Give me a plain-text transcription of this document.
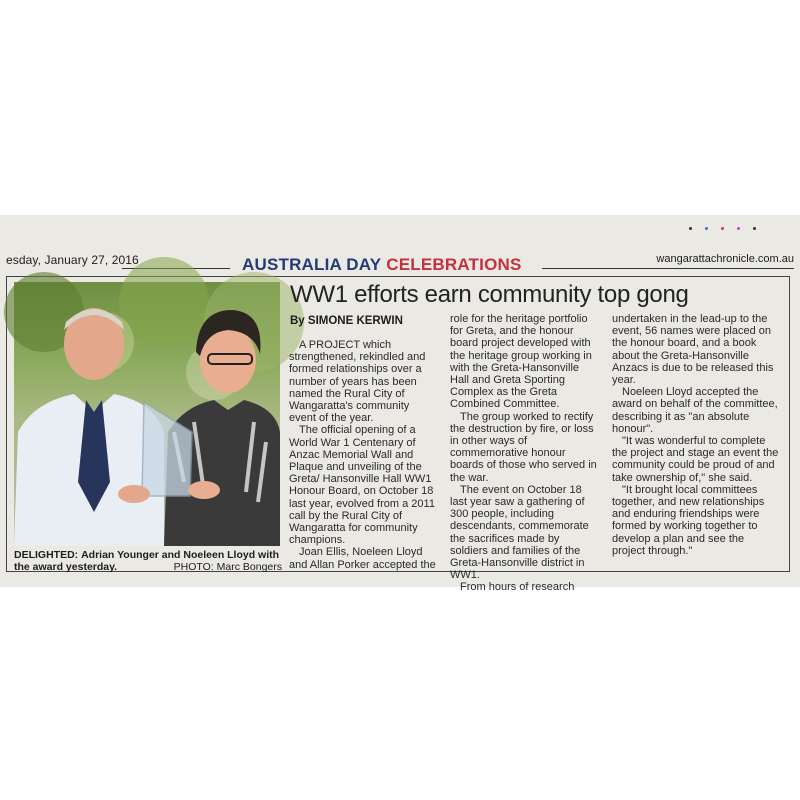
esday, January 27, 2016	wangarattachronicle.com.au
AUSTRALIA DAY CELEBRATIONS
WW1 efforts earn community top gong
By SIMONE KERWIN

A PROJECT which strengthened, rekindled and formed relationships over a number of years has been named the Rural City of Wangaratta's community event of the year.

The official opening of a World War 1 Centenary of Anzac Memorial Wall and Plaque and unveiling of the Greta/ Hansonville Hall WW1 Honour Board, on October 18 last year, evolved from a 2011 call by the Rural City of Wangaratta for community champions.

Joan Ellis, Noeleen Lloyd and Allan Porker accepted the

role for the heritage portfolio for Greta, and the honour board project developed with the heritage group working in with the Greta-Hansonville Hall and Greta Sporting Complex as the Greta Combined Committee.

The group worked to rectify the destruction by fire, or loss in other ways of commemorative honour boards of those who served in the war.

The event on October 18 last year saw a gathering of 300 people, including descendants, commemorate the sacrifices made by soldiers and families of the Greta-Hansonville district in WW1.

From hours of research

undertaken in the lead-up to the event, 56 names were placed on the honour board, and a book about the Greta-Hansonville Anzacs is due to be released this year.

Noeleen Lloyd accepted the award on behalf of the committee, describing it as "an absolute honour".

"It was wonderful to complete the project and stage an event the community could be proud of and take ownership of," she said.

"It brought local committees together, and new relationships and enduring friendships were formed by working together to develop a plan and see the project through."

DELIGHTED: Adrian Younger and Noeleen Lloyd with the award yesterday.	PHOTO: Marc Bongers
